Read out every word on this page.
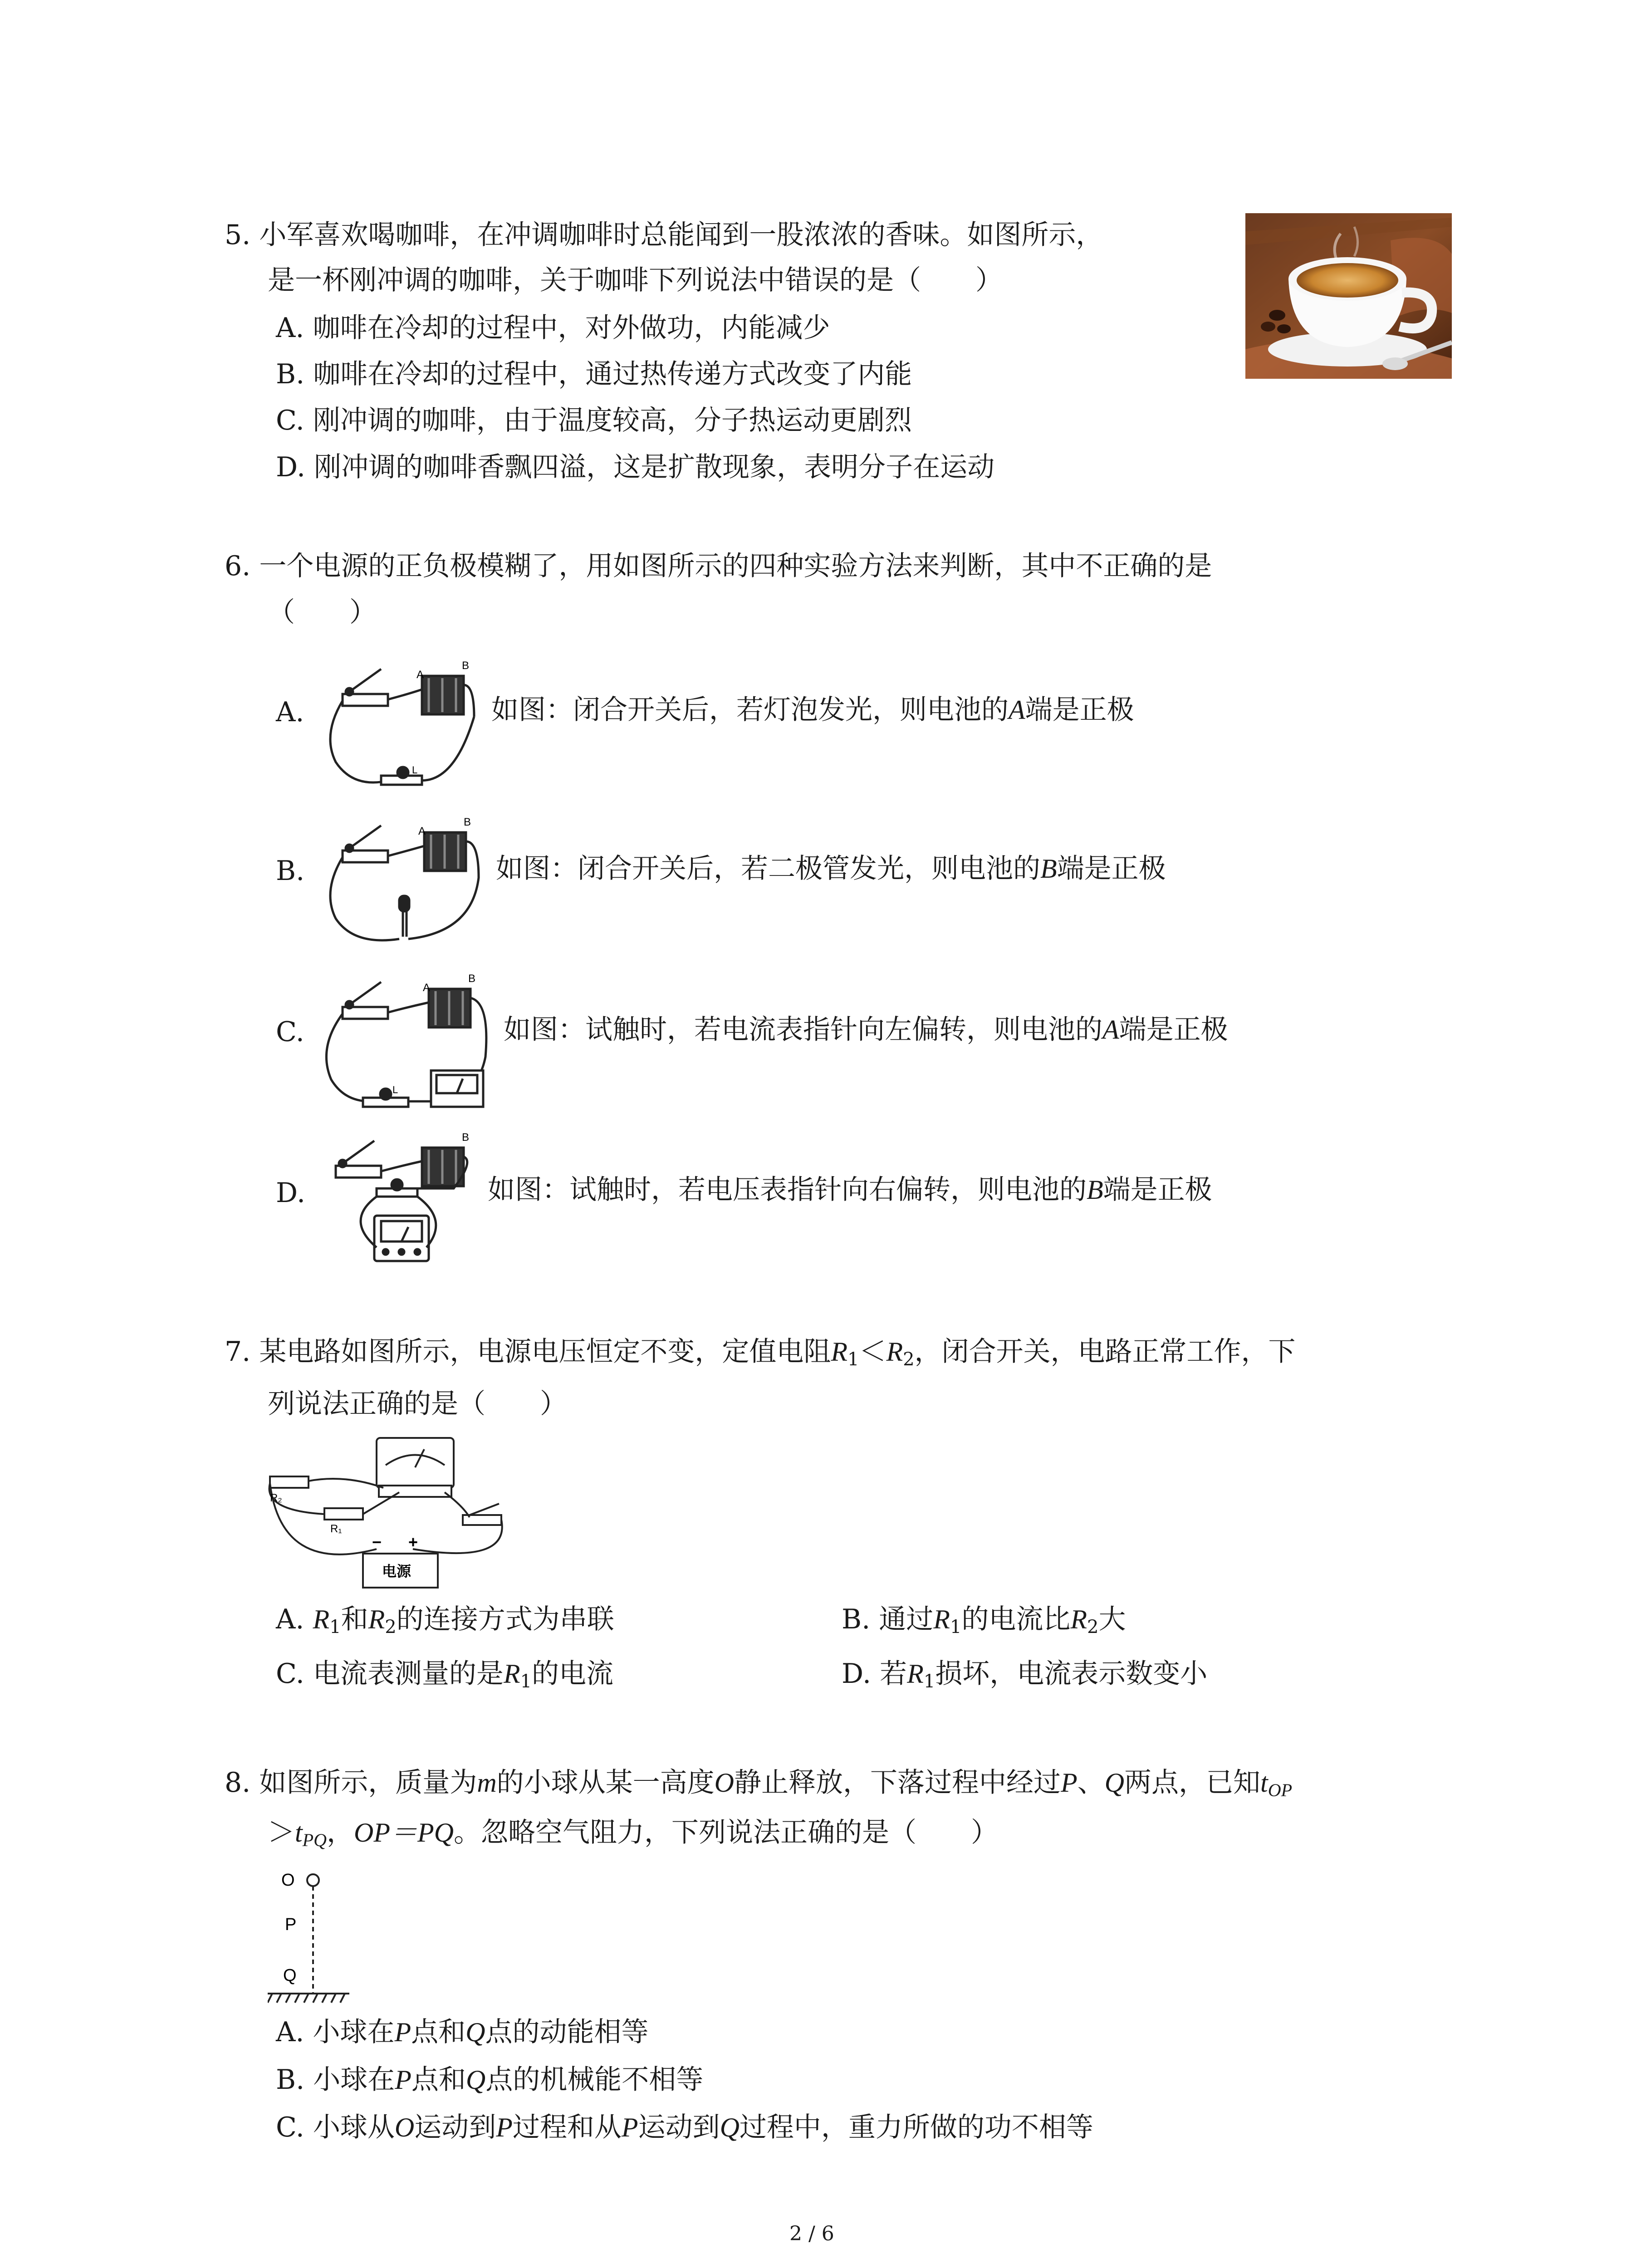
5. 小军喜欢喝咖啡，在冲调咖啡时总能闻到一股浓浓的香味。如图所示，
是一杯刚冲调的咖啡，关于咖啡下列说法中错误的是（　　）
A. 咖啡在冷却的过程中，对外做功，内能减少
B. 咖啡在冷却的过程中，通过热传递方式改变了内能
C. 刚冲调的咖啡，由于温度较高，分子热运动更剧烈
D. 刚冲调的咖啡香飘四溢，这是扩散现象，表明分子在运动
6. 一个电源的正负极模糊了，用如图所示的四种实验方法来判断，其中不正确的是
（　　）
A.
A
B
L
如图：闭合开关后，若灯泡发光，则电池的A端是正极
B.
A
B
如图：闭合开关后，若二极管发光，则电池的B端是正极
C.
A
B
L
如图：试触时，若电流表指针向左偏转，则电池的A端是正极
D.
B
如图：试触时，若电压表指针向右偏转，则电池的B端是正极
7. 某电路如图所示，电源电压恒定不变，定值电阻$R_1<R_2$，闭合开关，电路正常工作，下
列说法正确的是（　　）
R₂
R₁
− +
电源
A. $R_1$和$R_2$的连接方式为串联	B. 通过$R_1$的电流比$R_2$大
C. 电流表测量的是$R_1$的电流	D. 若$R_1$损坏，电流表示数变小
8. 如图所示，质量为m的小球从某一高度O静止释放，下落过程中经过P、Q两点，已知$t_{OP}$
$>t_{PQ}$，OP＝PQ。忽略空气阻力，下列说法正确的是（　　）
O
P
Q
A. 小球在P点和Q点的动能相等
B. 小球在P点和Q点的机械能不相等
C. 小球从O运动到P过程和从P运动到Q过程中，重力所做的功不相等
2 / 6
